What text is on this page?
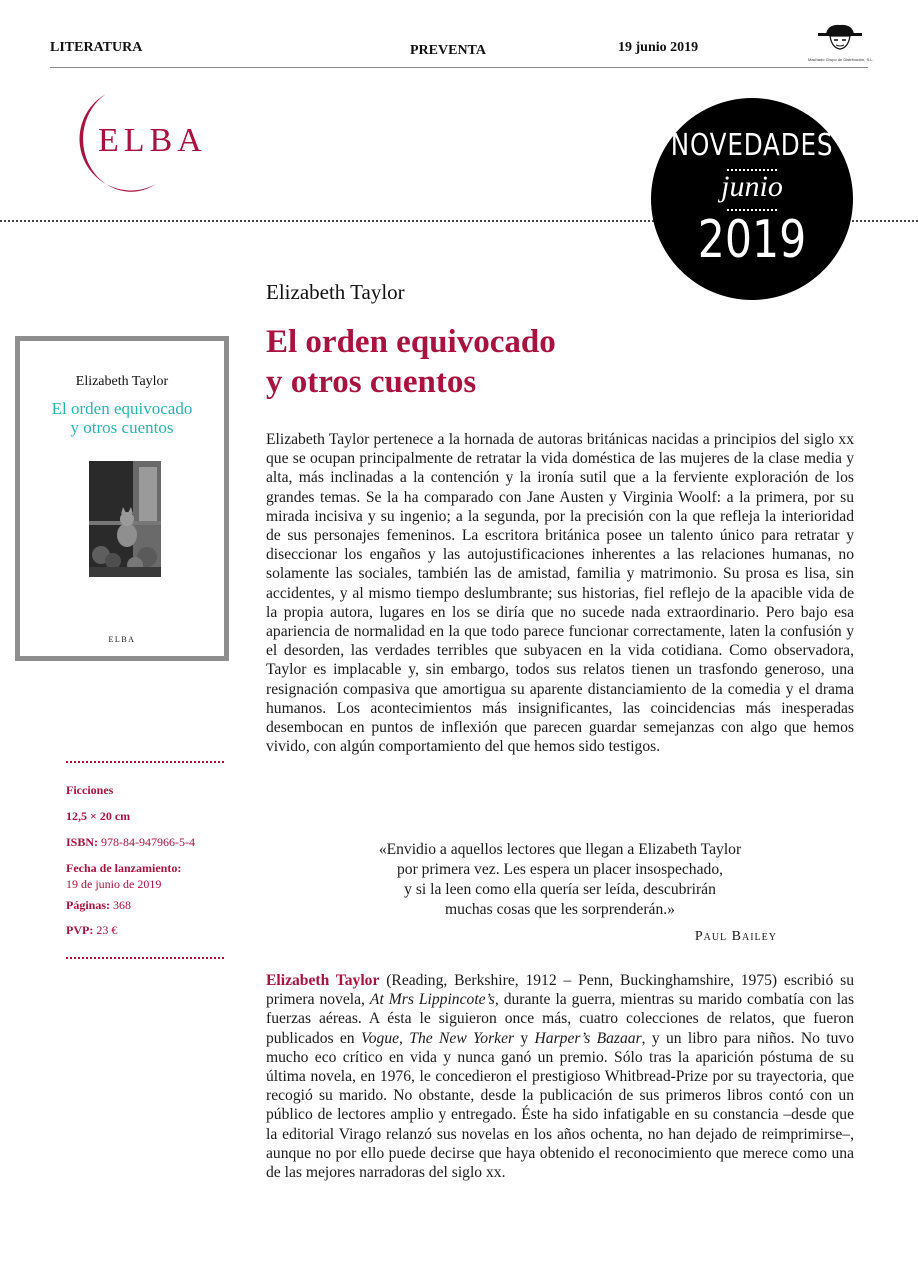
LITERATURA	PREVENTA	19 junio 2019
Machado Grupo de Distribución, S.L.
ELBA	NOVEDADES
junio
2019
Elizabeth Taylor
El orden equivocado
y otros cuentos
Elizabeth Taylor
El orden equivocado
y otros cuentos
ELBA
Ficciones
12,5 × 20 cm
ISBN: 978-84-947966-5-4
Fecha de lanzamiento:
19 de junio de 2019
Páginas: 368
PVP: 23 €
Elizabeth Taylor pertenece a la hornada de autoras británicas nacidas a principios del siglo xx que se ocupan principalmente de retratar la vida doméstica de las mujeres de la clase media y alta, más inclinadas a la contención y la ironía sutil que a la ferviente exploración de los grandes temas. Se la ha comparado con Jane Austen y Virginia Woolf: a la primera, por su mirada incisiva y su ingenio; a la segunda, por la precisión con la que refleja la interioridad de sus personajes femeninos. La escritora británica posee un talento único para retratar y diseccionar los engaños y las autojustificaciones inherentes a las relaciones humanas, no solamente las sociales, también las de amistad, familia y matrimonio. Su prosa es lisa, sin accidentes, y al mismo tiempo deslumbrante; sus historias, fiel reflejo de la apacible vida de la propia autora, lugares en los se diría que no sucede nada extraordinario. Pero bajo esa apariencia de normalidad en la que todo parece funcionar correctamente, laten la confusión y el desorden, las verdades terribles que subyacen en la vida cotidiana. Como observadora, Taylor es implacable y, sin embargo, todos sus relatos tienen un trasfondo generoso, una resignación compasiva que amortigua su aparente distanciamiento de la comedia y el drama humanos. Los acontecimientos más insignificantes, las coincidencias más inesperadas desembocan en puntos de inflexión que parecen guardar semejanzas con algo que hemos vivido, con algún comportamiento del que hemos sido testigos.
«Envidio a aquellos lectores que llegan a Elizabeth Taylor
por primera vez. Les espera un placer insospechado,
y si la leen como ella quería ser leída, descubrirán
muchas cosas que les sorprenderán.»
Paul Bailey
Elizabeth Taylor (Reading, Berkshire, 1912 – Penn, Buckinghamshire, 1975) escribió su primera novela, At Mrs Lippincote’s, durante la guerra, mientras su marido combatía con las fuerzas aéreas. A ésta le siguieron once más, cuatro colecciones de relatos, que fueron publicados en Vogue, The New Yorker y Harper’s Bazaar, y un libro para niños. No tuvo mucho eco crítico en vida y nunca ganó un premio. Sólo tras la aparición póstuma de su última novela, en 1976, le concedieron el prestigioso Whitbread-Prize por su trayectoria, que recogió su marido. No obstante, desde la publicación de sus primeros libros contó con un público de lectores amplio y entregado. Éste ha sido infatigable en su constancia –desde que la editorial Virago relanzó sus novelas en los años ochenta, no han dejado de reimprimirse–, aunque no por ello puede decirse que haya obtenido el reconocimiento que merece como una de las mejores narradoras del siglo xx.
